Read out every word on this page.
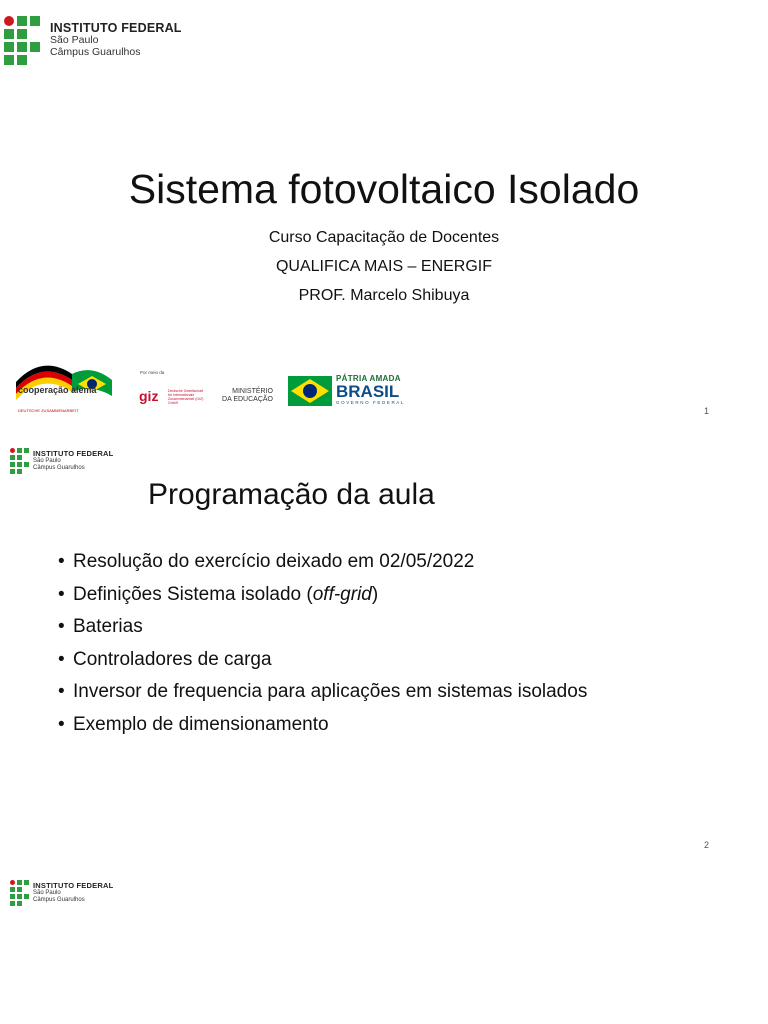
INSTITUTO FEDERAL
São Paulo
Câmpus Guarulhos
Sistema fotovoltaico Isolado
Curso Capacitação de Docentes
QUALIFICA MAIS – ENERGIF
PROF. Marcelo Shibuya
cooperação alemã
DEUTSCHE ZUSAMMENARBEIT
Por meio da
giz	Deutsche Gesellschaft für Internationale Zusammenarbeit (GIZ) GmbH
MINISTÉRIO DA EDUCAÇÃO
PÁTRIA AMADA
BRASIL
GOVERNO FEDERAL
1
INSTITUTO FEDERAL
São Paulo
Câmpus Guarulhos
Programação da aula
• Resolução do exercício deixado em 02/05/2022
• Definições Sistema isolado (off-grid)
• Baterias
• Controladores de carga
• Inversor de frequencia para aplicações em sistemas isolados
• Exemplo de dimensionamento
2
INSTITUTO FEDERAL
São Paulo
Câmpus Guarulhos
